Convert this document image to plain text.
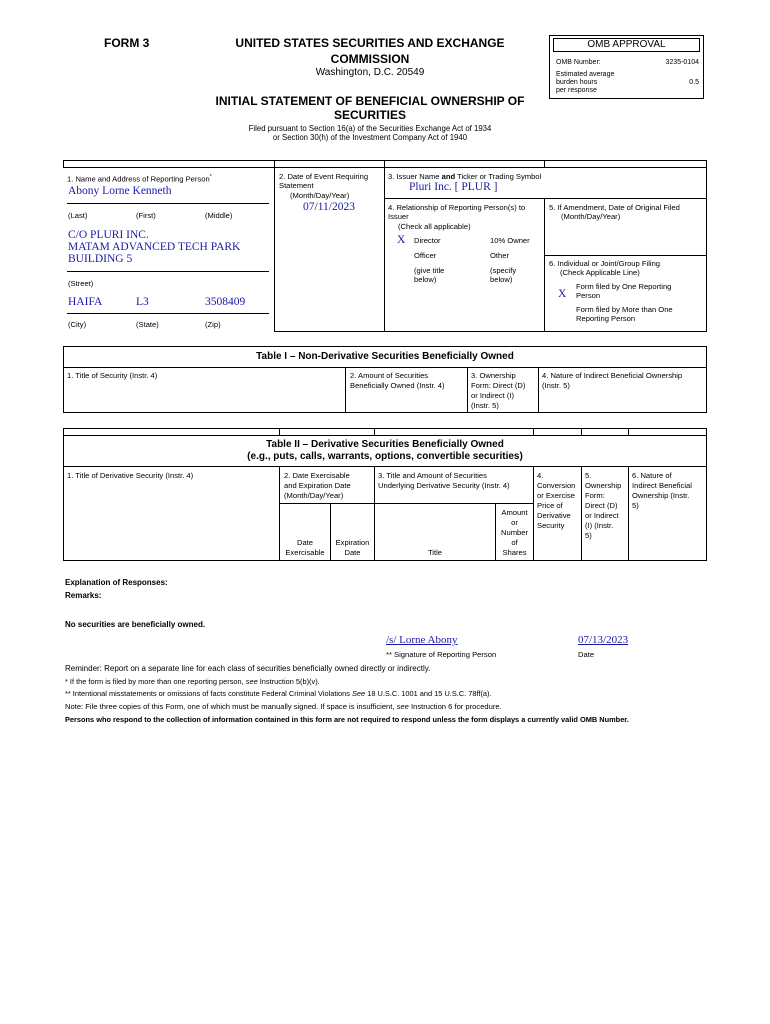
FORM 3	UNITED STATES SECURITIES AND EXCHANGE
COMMISSION
Washington, D.C. 20549
INITIAL STATEMENT OF BENEFICIAL OWNERSHIP OF
SECURITIES
Filed pursuant to Section 16(a) of the Securities Exchange Act of 1934
or Section 30(h) of the Investment Company Act of 1940
OMB APPROVAL
OMB Number:	3235-0104
Estimated average
burden hours
per response
0.5
1. Name and Address of Reporting Person*
Abony Lorne Kenneth
(Last)	(First)	(Middle)
C/O PLURI INC.
MATAM ADVANCED TECH PARK
BUILDING 5
(Street)
HAIFA	L3	3508409
(City)	(State)	(Zip)
2. Date of Event Requiring
Statement
(Month/Day/Year)
07/11/2023
3. Issuer Name and Ticker or Trading Symbol
Pluri Inc. [ PLUR ]
4. Relationship of Reporting Person(s) to
Issuer
(Check all applicable)
X Director	10% Owner
Officer	Other
(give title
below)
(specify
below)
5. If Amendment, Date of Original Filed
(Month/Day/Year)
6. Individual or Joint/Group Filing
(Check Applicable Line)
Form filed by One Reporting
X Person
Form filed by More than One
Reporting Person
Table I – Non-Derivative Securities Beneficially Owned
1. Title of Security (Instr. 4)	2. Amount of Securities
Beneficially Owned (Instr. 4)
3. Ownership
Form: Direct (D)
or Indirect (I)
(Instr. 5)
4. Nature of Indirect Beneficial Ownership
(Instr. 5)
Table II – Derivative Securities Beneficially Owned
(e.g., puts, calls, warrants, options, convertible securities)
1. Title of Derivative Security (Instr. 4)	2. Date Exercisable
and Expiration Date
(Month/Day/Year)
3. Title and Amount of Securities
Underlying Derivative Security (Instr. 4)
4.
Conversion
or Exercise
Price of
Derivative
Security
5.
Ownership
Form:
Direct (D)
or Indirect
(I) (Instr.
5)
6. Nature of
Indirect Beneficial
Ownership (Instr.
5)
Date
Exercisable
Expiration
Date	Title
Amount
or
Number
of
Shares
Explanation of Responses:
Remarks:
No securities are beneficially owned.
/s/ Lorne Abony	07/13/2023
** Signature of Reporting Person	Date
Reminder: Report on a separate line for each class of securities beneficially owned directly or indirectly.
* If the form is filed by more than one reporting person, see Instruction 5(b)(v).
** Intentional misstatements or omissions of facts constitute Federal Criminal Violations See 18 U.S.C. 1001 and 15 U.S.C. 78ff(a).
Note: File three copies of this Form, one of which must be manually signed. If space is insufficient, see Instruction 6 for procedure.
Persons who respond to the collection of information contained in this form are not required to respond unless the form displays a currently valid OMB Number.
